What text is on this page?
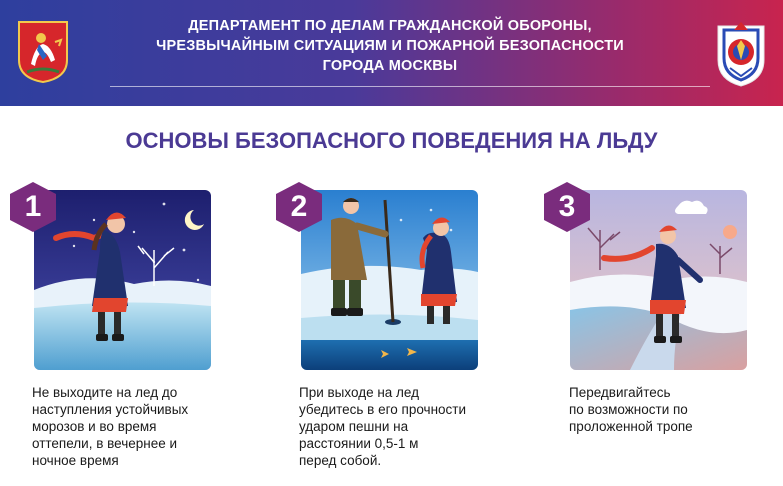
ДЕПАРТАМЕНТ ПО ДЕЛАМ ГРАЖДАНСКОЙ ОБОРОНЫ,
ЧРЕЗВЫЧАЙНЫМ СИТУАЦИЯМ И ПОЖАРНОЙ БЕЗОПАСНОСТИ
ГОРОДА МОСКВЫ
ОСНОВЫ БЕЗОПАСНОГО ПОВЕДЕНИЯ НА ЛЬДУ
1	2	3
Не выходите на лед до
наступления устойчивых
морозов и во время
оттепели, в вечернее и
ночное время
При выходе на лед
убедитесь в его прочности
ударом пешни на
расстоянии 0,5-1 м
перед собой.
Передвигайтесь
по возможности по
проложенной тропе
